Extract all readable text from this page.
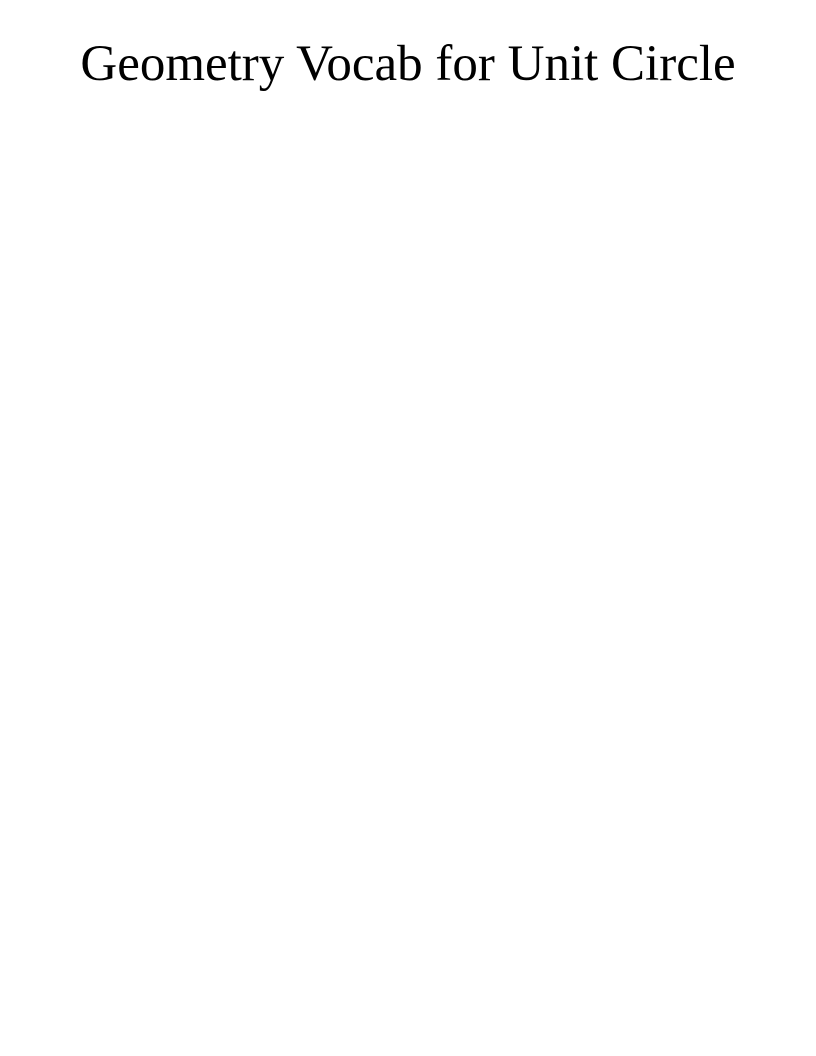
Geometry Vocab for Unit Circle
